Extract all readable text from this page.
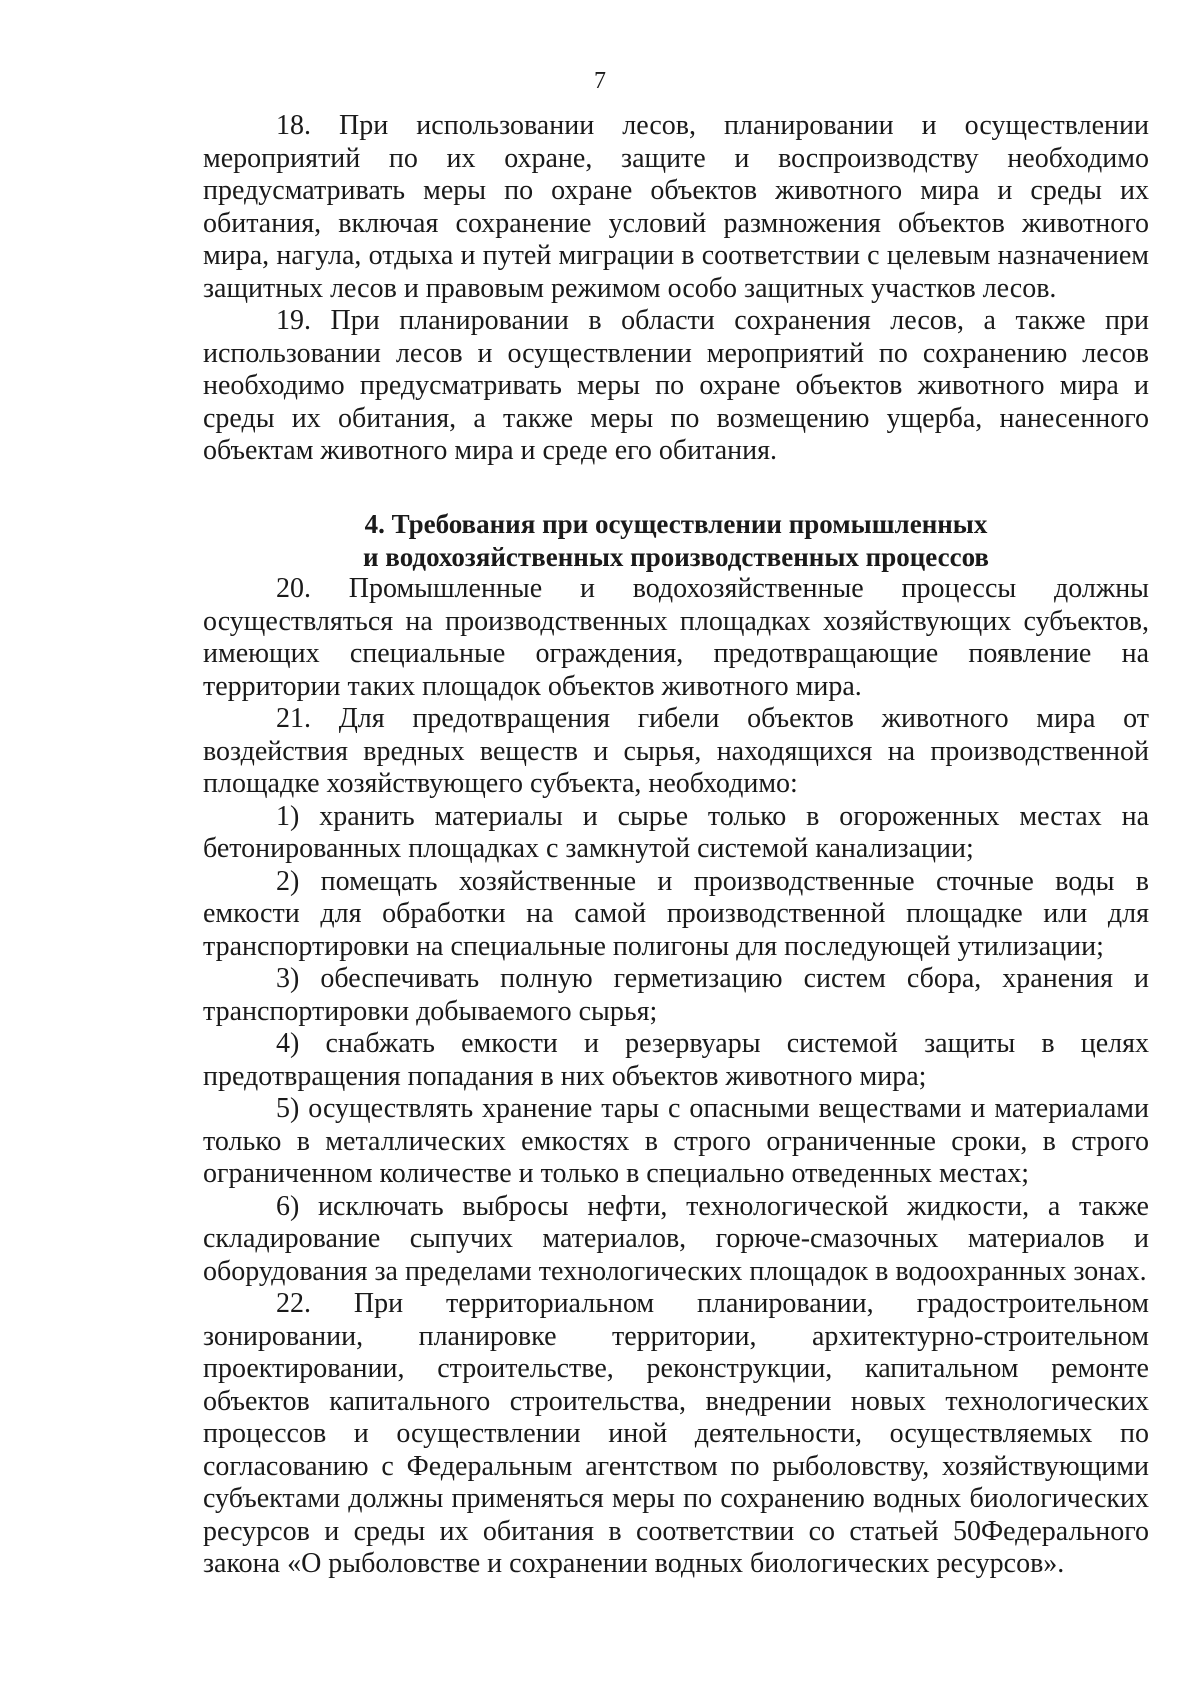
7

18. При использовании лесов, планировании и осуществлении мероприятий по их охране, защите и воспроизводству необходимо предусматривать меры по охране объектов животного мира и среды их обитания, включая сохранение условий размножения объектов животного мира, нагула, отдыха и путей миграции в соответствии с целевым назначением защитных лесов и правовым режимом особо защитных участков лесов.

19. При планировании в области сохранения лесов, а также при использовании лесов и осуществлении мероприятий по сохранению лесов необходимо предусматривать меры по охране объектов животного мира и среды их обитания, а также меры по возмещению ущерба, нанесенного объектам животного мира и среде его обитания.

4. Требования при осуществлении промышленных
и водохозяйственных производственных процессов

20. Промышленные и водохозяйственные процессы должны осуществляться на производственных площадках хозяйствующих субъектов, имеющих специальные ограждения, предотвращающие появление на территории таких площадок объектов животного мира.

21. Для предотвращения гибели объектов животного мира от воздействия вредных веществ и сырья, находящихся на производственной площадке хозяйствующего субъекта, необходимо:

1) хранить материалы и сырье только в огороженных местах на бетонированных площадках с замкнутой системой канализации;

2) помещать хозяйственные и производственные сточные воды в емкости для обработки на самой производственной площадке или для транспортировки на специальные полигоны для последующей утилизации;

3) обеспечивать полную герметизацию систем сбора, хранения и транспортировки добываемого сырья;

4) снабжать емкости и резервуары системой защиты в целях предотвращения попадания в них объектов животного мира;

5) осуществлять хранение тары с опасными веществами и материалами только в металлических емкостях в строго ограниченные сроки, в строго ограниченном количестве и только в специально отведенных местах;

6) исключать выбросы нефти, технологической жидкости, а также складирование сыпучих материалов, горюче-смазочных материалов и оборудования за пределами технологических площадок в водоохранных зонах.

22. При территориальном планировании, градостроительном зонировании, планировке территории, архитектурно-строительном проектировании, строительстве, реконструкции, капитальном ремонте объектов капитального строительства, внедрении новых технологических процессов и осуществлении иной деятельности, осуществляемых по согласованию с Федеральным агентством по рыболовству, хозяйствующими субъектами должны применяться меры по сохранению водных биологических ресурсов и среды их обитания в соответствии со статьей 50Федерального закона «О рыболовстве и сохранении водных биологических ресурсов».
